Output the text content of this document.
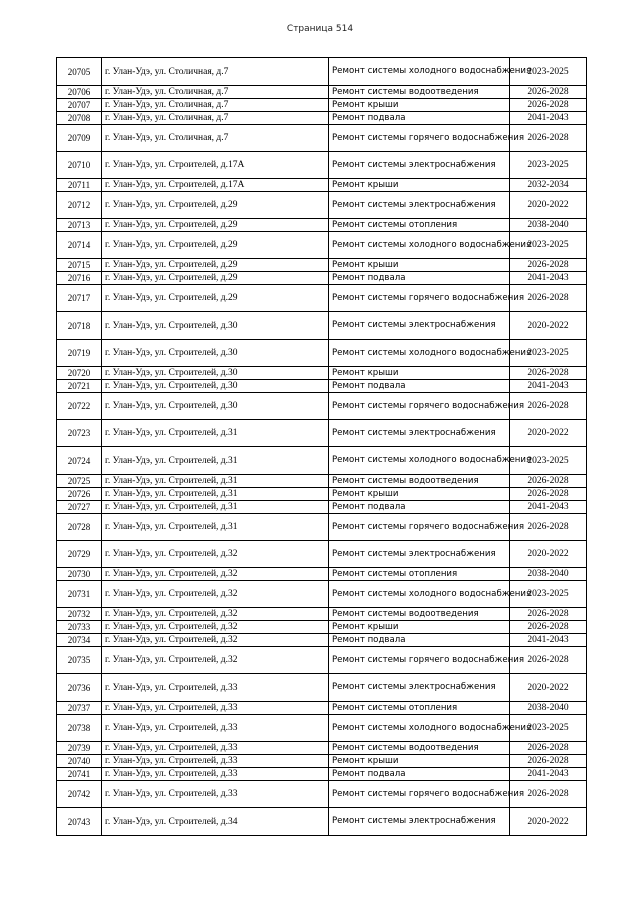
Страница 514
20705	г. Улан-Удэ, ул. Столичная, д.7	Ремонт системы холодного водоснабжения	2023-2025
20706	г. Улан-Удэ, ул. Столичная, д.7	Ремонт системы водоотведения	2026-2028
20707	г. Улан-Удэ, ул. Столичная, д.7	Ремонт крыши	2026-2028
20708	г. Улан-Удэ, ул. Столичная, д.7	Ремонт подвала	2041-2043
20709	г. Улан-Удэ, ул. Столичная, д.7	Ремонт системы горячего водоснабжения	2026-2028
20710	г. Улан-Удэ, ул. Строителей, д.17А	Ремонт системы электроснабжения	2023-2025
20711	г. Улан-Удэ, ул. Строителей, д.17А	Ремонт крыши	2032-2034
20712	г. Улан-Удэ, ул. Строителей, д.29	Ремонт системы электроснабжения	2020-2022
20713	г. Улан-Удэ, ул. Строителей, д.29	Ремонт системы отопления	2038-2040
20714	г. Улан-Удэ, ул. Строителей, д.29	Ремонт системы холодного водоснабжения	2023-2025
20715	г. Улан-Удэ, ул. Строителей, д.29	Ремонт крыши	2026-2028
20716	г. Улан-Удэ, ул. Строителей, д.29	Ремонт подвала	2041-2043
20717	г. Улан-Удэ, ул. Строителей, д.29	Ремонт системы горячего водоснабжения	2026-2028
20718	г. Улан-Удэ, ул. Строителей, д.30	Ремонт системы электроснабжения	2020-2022
20719	г. Улан-Удэ, ул. Строителей, д.30	Ремонт системы холодного водоснабжения	2023-2025
20720	г. Улан-Удэ, ул. Строителей, д.30	Ремонт крыши	2026-2028
20721	г. Улан-Удэ, ул. Строителей, д.30	Ремонт подвала	2041-2043
20722	г. Улан-Удэ, ул. Строителей, д.30	Ремонт системы горячего водоснабжения	2026-2028
20723	г. Улан-Удэ, ул. Строителей, д.31	Ремонт системы электроснабжения	2020-2022
20724	г. Улан-Удэ, ул. Строителей, д.31	Ремонт системы холодного водоснабжения	2023-2025
20725	г. Улан-Удэ, ул. Строителей, д.31	Ремонт системы водоотведения	2026-2028
20726	г. Улан-Удэ, ул. Строителей, д.31	Ремонт крыши	2026-2028
20727	г. Улан-Удэ, ул. Строителей, д.31	Ремонт подвала	2041-2043
20728	г. Улан-Удэ, ул. Строителей, д.31	Ремонт системы горячего водоснабжения	2026-2028
20729	г. Улан-Удэ, ул. Строителей, д.32	Ремонт системы электроснабжения	2020-2022
20730	г. Улан-Удэ, ул. Строителей, д.32	Ремонт системы отопления	2038-2040
20731	г. Улан-Удэ, ул. Строителей, д.32	Ремонт системы холодного водоснабжения	2023-2025
20732	г. Улан-Удэ, ул. Строителей, д.32	Ремонт системы водоотведения	2026-2028
20733	г. Улан-Удэ, ул. Строителей, д.32	Ремонт крыши	2026-2028
20734	г. Улан-Удэ, ул. Строителей, д.32	Ремонт подвала	2041-2043
20735	г. Улан-Удэ, ул. Строителей, д.32	Ремонт системы горячего водоснабжения	2026-2028
20736	г. Улан-Удэ, ул. Строителей, д.33	Ремонт системы электроснабжения	2020-2022
20737	г. Улан-Удэ, ул. Строителей, д.33	Ремонт системы отопления	2038-2040
20738	г. Улан-Удэ, ул. Строителей, д.33	Ремонт системы холодного водоснабжения	2023-2025
20739	г. Улан-Удэ, ул. Строителей, д.33	Ремонт системы водоотведения	2026-2028
20740	г. Улан-Удэ, ул. Строителей, д.33	Ремонт крыши	2026-2028
20741	г. Улан-Удэ, ул. Строителей, д.33	Ремонт подвала	2041-2043
20742	г. Улан-Удэ, ул. Строителей, д.33	Ремонт системы горячего водоснабжения	2026-2028
20743	г. Улан-Удэ, ул. Строителей, д.34	Ремонт системы электроснабжения	2020-2022
